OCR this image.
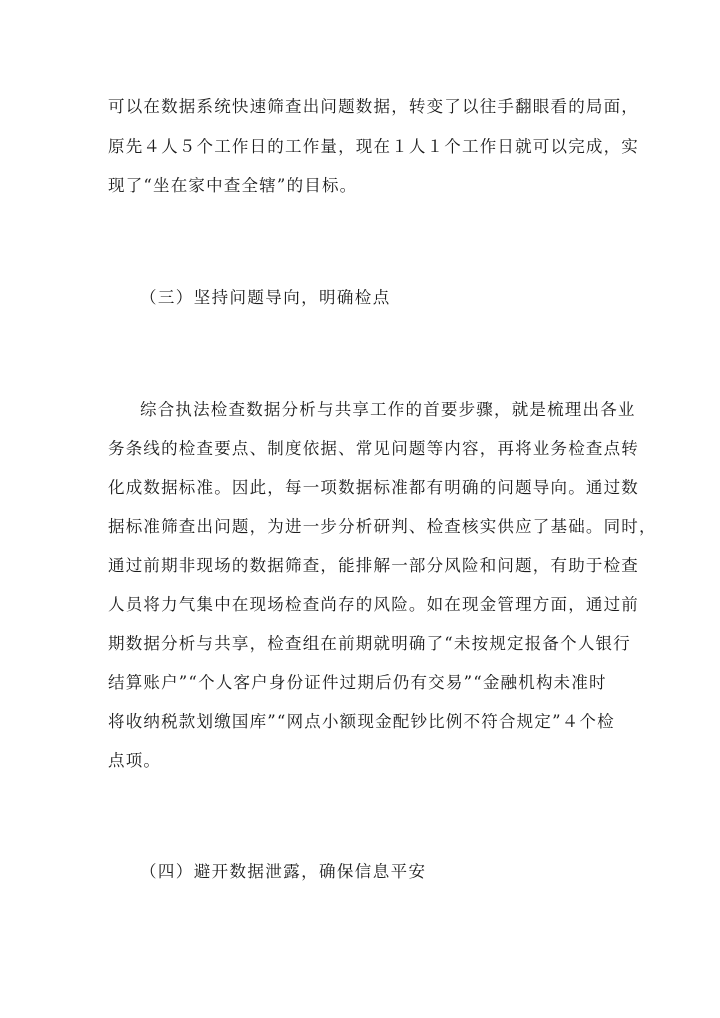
可以在数据系统快速筛查出问题数据，转变了以往手翻眼看的局面，
原先４人５个工作日的工作量，现在１人１个工作日就可以完成，实
现了“坐在家中查全辖”的目标。
（三）坚持问题导向，明确检点
综合执法检查数据分析与共享工作的首要步骤，就是梳理出各业
务条线的检查要点、制度依据、常见问题等内容，再将业务检查点转
化成数据标准。因此，每一项数据标准都有明确的问题导向。通过数
据标准筛查出问题，为进一步分析研判、检查核实供应了基础。同时，
通过前期非现场的数据筛查，能排解一部分风险和问题，有助于检查
人员将力气集中在现场检查尚存的风险。如在现金管理方面，通过前
期数据分析与共享，检查组在前期就明确了“未按规定报备个人银行
结算账户”“个人客户身份证件过期后仍有交易”“金融机构未准时
将收纳税款划缴国库”“网点小额现金配钞比例不符合规定”４个检
点项。
（四）避开数据泄露，确保信息平安
